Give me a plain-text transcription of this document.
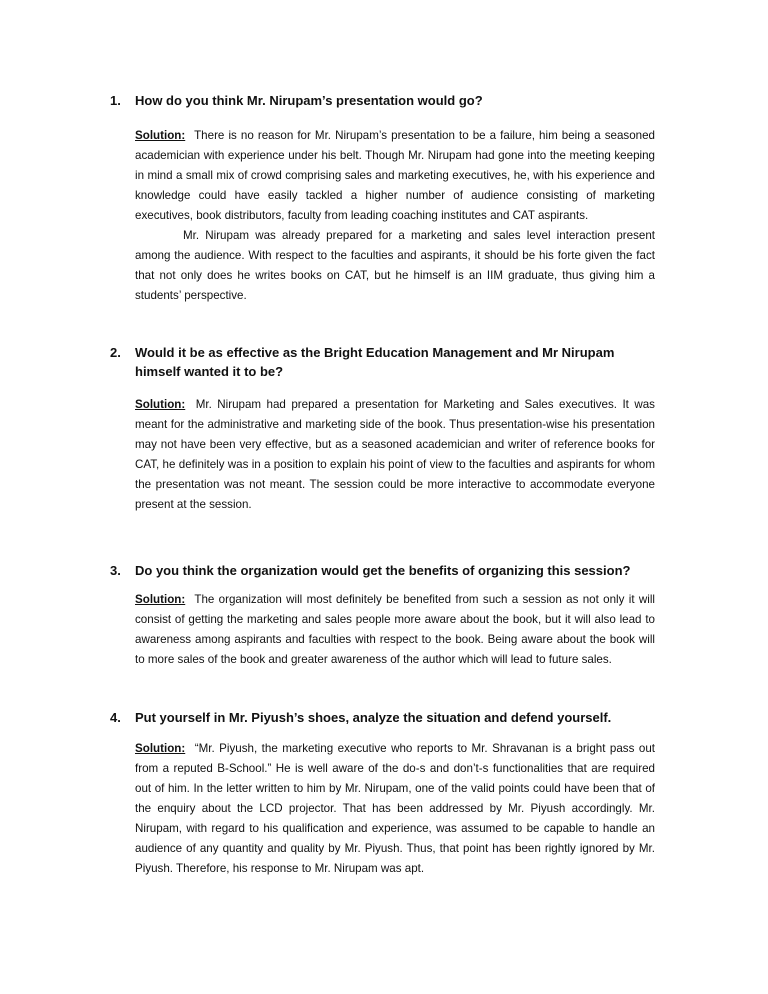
1.	How do you think Mr. Nirupam’s presentation would go?

Solution: There is no reason for Mr. Nirupam’s presentation to be a failure, him being a seasoned academician with experience under his belt. Though Mr. Nirupam had gone into the meeting keeping in mind a small mix of crowd comprising sales and marketing executives, he, with his experience and knowledge could have easily tackled a higher number of audience consisting of marketing executives, book distributors, faculty from leading coaching institutes and CAT aspirants.

Mr. Nirupam was already prepared for a marketing and sales level interaction present among the audience. With respect to the faculties and aspirants, it should be his forte given the fact that not only does he writes books on CAT, but he himself is an IIM graduate, thus giving him a students’ perspective.

2.	Would it be as effective as the Bright Education Management and Mr Nirupam himself wanted it to be?

Solution: Mr. Nirupam had prepared a presentation for Marketing and Sales executives. It was meant for the administrative and marketing side of the book. Thus presentation-wise his presentation may not have been very effective, but as a seasoned academician and writer of reference books for CAT, he definitely was in a position to explain his point of view to the faculties and aspirants for whom the presentation was not meant. The session could be more interactive to accommodate everyone present at the session.

3.	Do you think the organization would get the benefits of organizing this session?

Solution: The organization will most definitely be benefited from such a session as not only it will consist of getting the marketing and sales people more aware about the book, but it will also lead to awareness among aspirants and faculties with respect to the book. Being aware about the book will to more sales of the book and greater awareness of the author which will lead to future sales.

4.	Put yourself in Mr. Piyush’s shoes, analyze the situation and defend yourself.

Solution: “Mr. Piyush, the marketing executive who reports to Mr. Shravanan is a bright pass out from a reputed B-School.” He is well aware of the do-s and don’t-s functionalities that are required out of him. In the letter written to him by Mr. Nirupam, one of the valid points could have been that of the enquiry about the LCD projector. That has been addressed by Mr. Piyush accordingly. Mr. Nirupam, with regard to his qualification and experience, was assumed to be capable to handle an audience of any quantity and quality by Mr. Piyush. Thus, that point has been rightly ignored by Mr. Piyush. Therefore, his response to Mr. Nirupam was apt.
